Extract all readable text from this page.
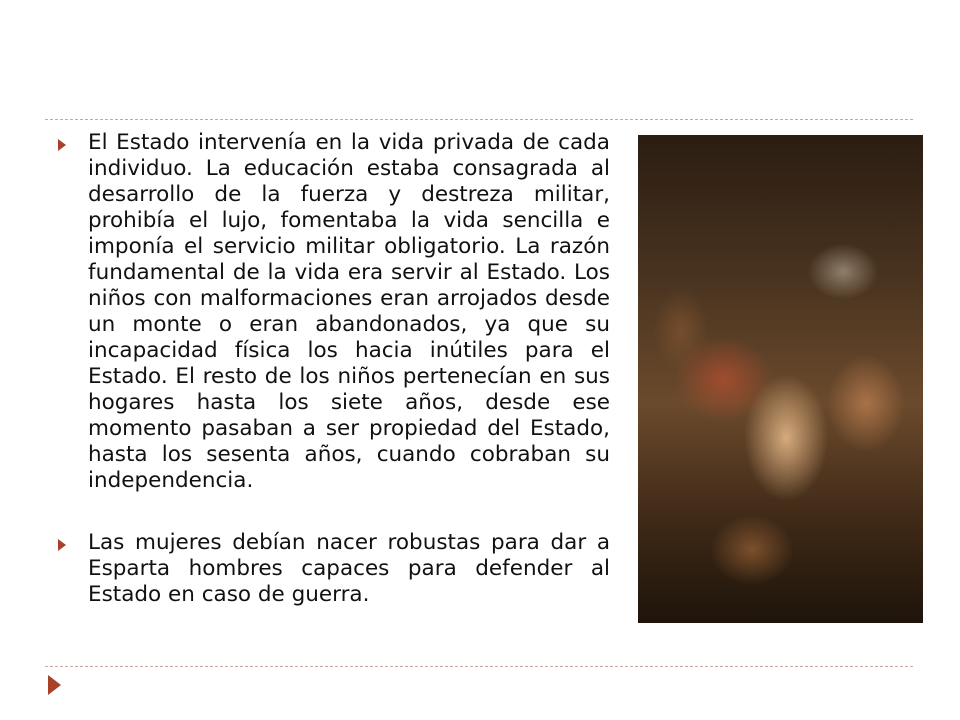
El Estado intervenía en la vida privada de cada individuo. La educación estaba consagrada al desarrollo de la fuerza y destreza militar, prohibía el lujo, fomentaba la vida sencilla e imponía el servicio militar obligatorio. La razón fundamental de la vida era servir al Estado. Los niños con malformaciones eran arrojados desde un monte o eran abandonados, ya que su incapacidad física los hacia inútiles para el Estado. El resto de los niños pertenecían en sus hogares hasta los siete años, desde ese momento pasaban a ser propiedad del Estado, hasta los sesenta años, cuando cobraban su independencia.
Las mujeres debían nacer robustas para dar a Esparta hombres capaces para defender al Estado en caso de guerra.
